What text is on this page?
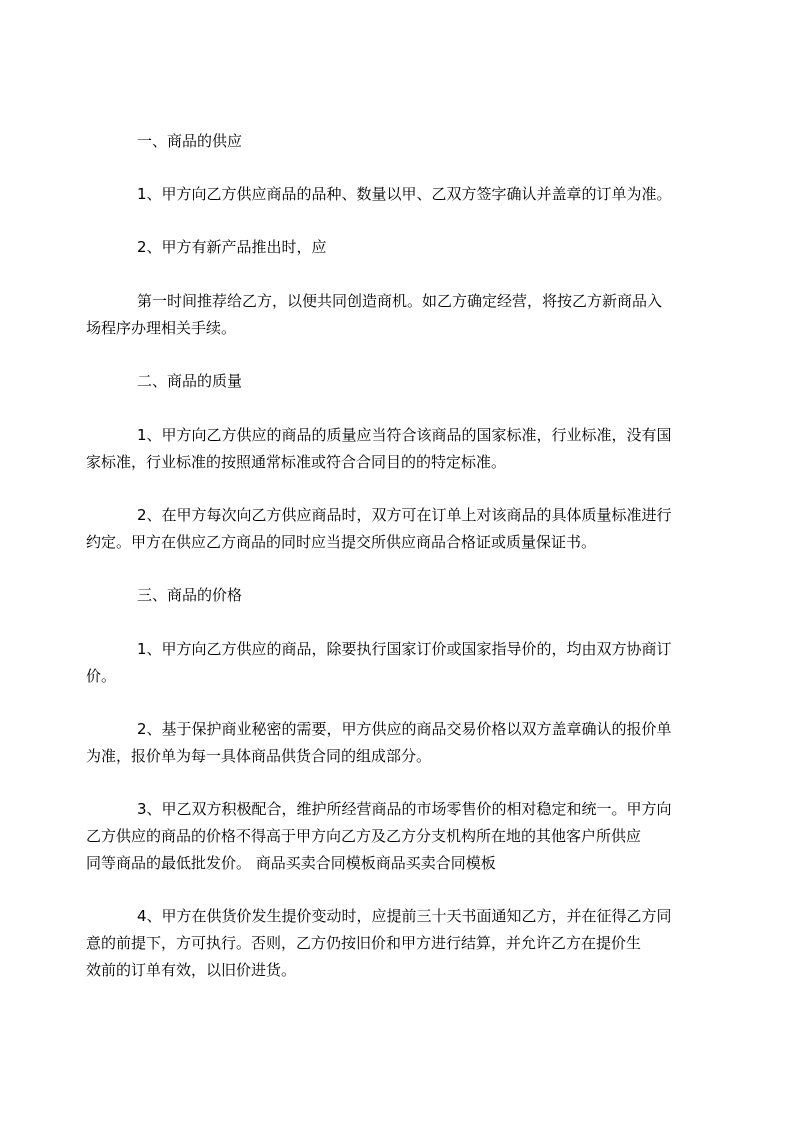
一、商品的供应
1、甲方向乙方供应商品的品种、数量以甲、乙双方签字确认并盖章的订单为准。
2、甲方有新产品推出时，应
第一时间推荐给乙方，以便共同创造商机。如乙方确定经营，将按乙方新商品入
场程序办理相关手续。
二、商品的质量
1、甲方向乙方供应的商品的质量应当符合该商品的国家标准，行业标准，没有国
家标准，行业标准的按照通常标准或符合合同目的的特定标准。
2、在甲方每次向乙方供应商品时，双方可在订单上对该商品的具体质量标准进行
约定。甲方在供应乙方商品的同时应当提交所供应商品合格证或质量保证书。
三、商品的价格
1、甲方向乙方供应的商品，除要执行国家订价或国家指导价的，均由双方协商订
价。
2、基于保护商业秘密的需要，甲方供应的商品交易价格以双方盖章确认的报价单
为准，报价单为每一具体商品供货合同的组成部分。
3、甲乙双方积极配合，维护所经营商品的市场零售价的相对稳定和统一。甲方向
乙方供应的商品的价格不得高于甲方向乙方及乙方分支机构所在地的其他客户所供应
同等商品的最低批发价。 商品买卖合同模板商品买卖合同模板
4、甲方在供货价发生提价变动时，应提前三十天书面通知乙方，并在征得乙方同
意的前提下，方可执行。否则，乙方仍按旧价和甲方进行结算，并允许乙方在提价生
效前的订单有效，以旧价进货。
